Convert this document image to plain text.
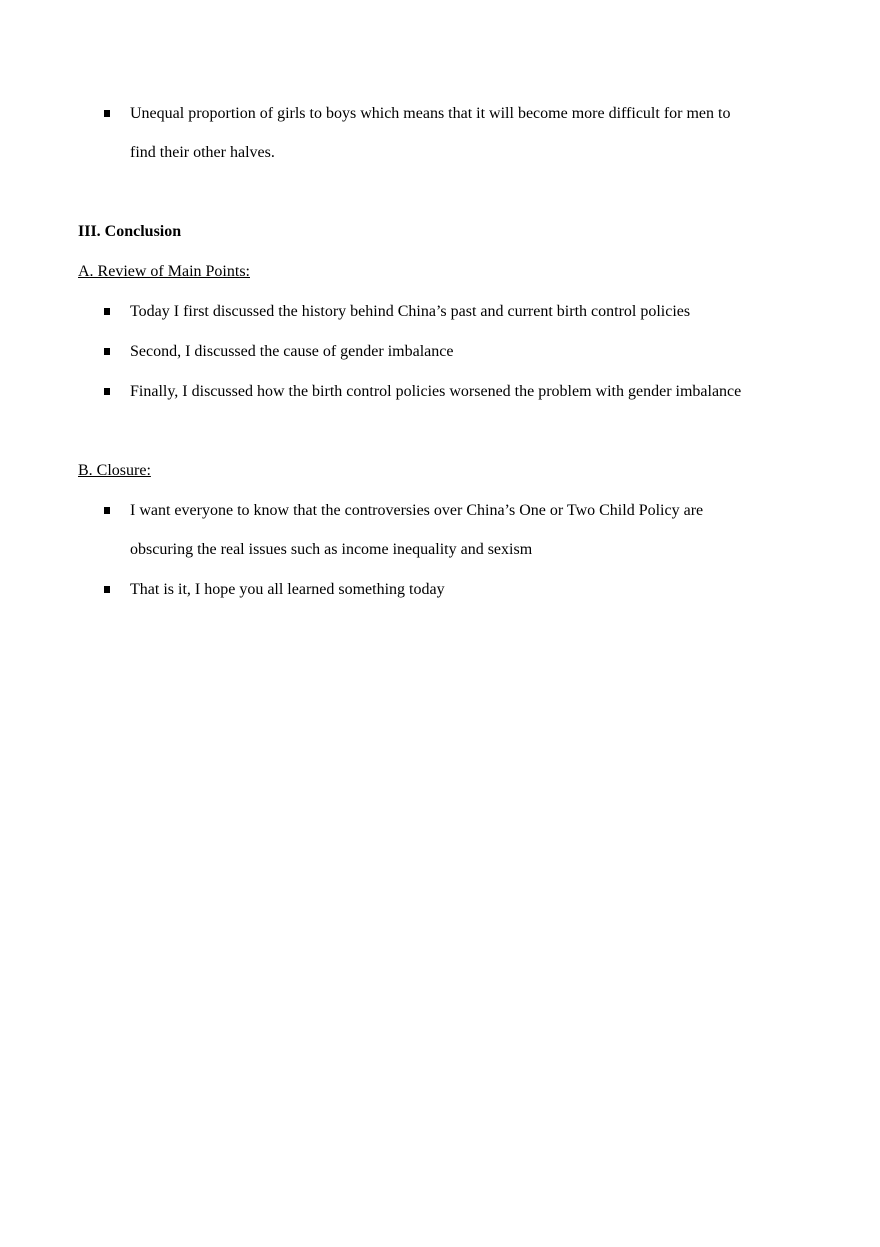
Unequal proportion of girls to boys which means that it will become more difficult for men to
find their other halves.
III. Conclusion
A. Review of Main Points:
Today I first discussed the history behind China’s past and current birth control policies
Second, I discussed the cause of gender imbalance
Finally, I discussed how the birth control policies worsened the problem with gender imbalance
B. Closure:
I want everyone to know that the controversies over China’s One or Two Child Policy are
obscuring the real issues such as income inequality and sexism
That is it, I hope you all learned something today
